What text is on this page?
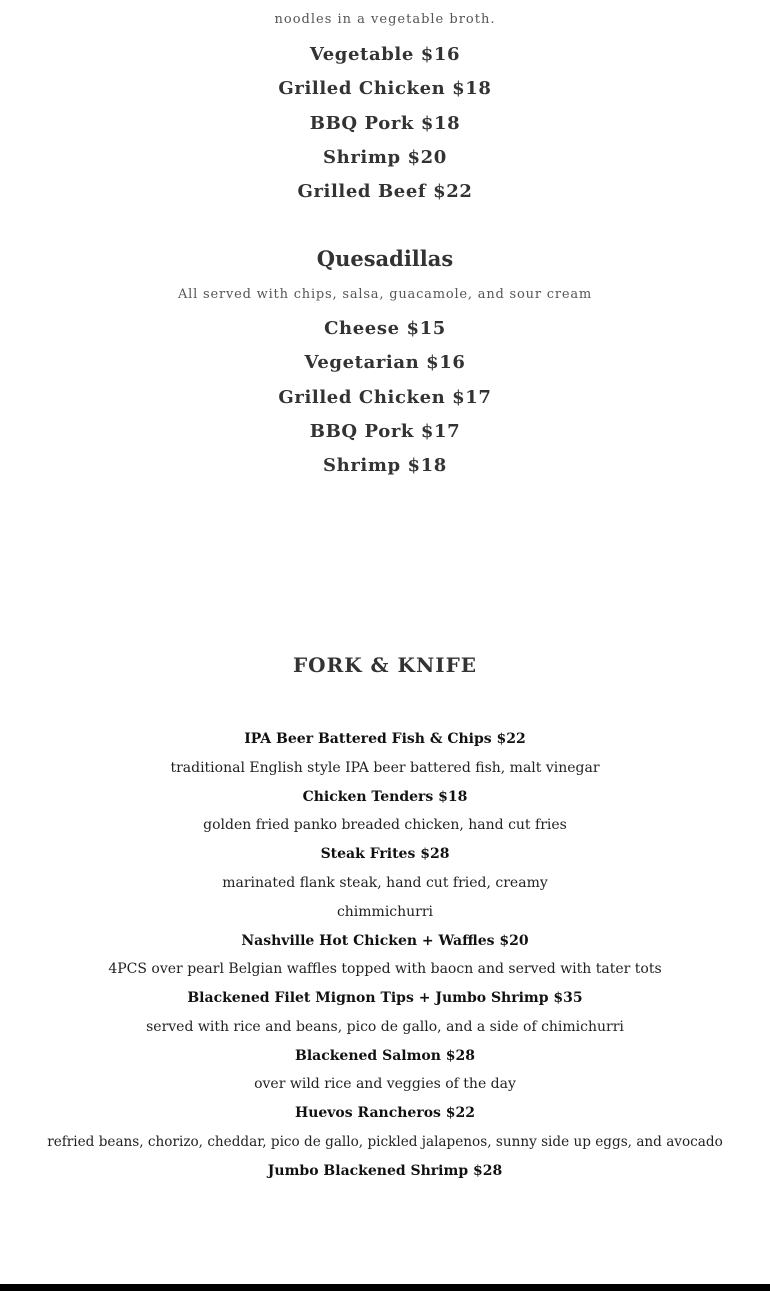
noodles in a vegetable broth.
Vegetable $16
Grilled Chicken $18
BBQ Pork $18
Shrimp $20
Grilled Beef $22
Quesadillas
All served with chips, salsa, guacamole, and sour cream
Cheese $15
Vegetarian $16
Grilled Chicken $17
BBQ Pork $17
Shrimp $18
FORK & KNIFE
IPA Beer Battered Fish & Chips $22
traditional English style IPA beer battered fish, malt vinegar
Chicken Tenders $18
golden fried panko breaded chicken, hand cut fries
Steak Frites $28
marinated flank steak, hand cut fried, creamy
chimmichurri
Nashville Hot Chicken + Waffles $20
4PCS over pearl Belgian waffles topped with baocn and served with tater tots
Blackened Filet Mignon Tips + Jumbo Shrimp $35
served with rice and beans, pico de gallo, and a side of chimichurri
Blackened Salmon $28
over wild rice and veggies of the day
Huevos Rancheros $22
refried beans, chorizo, cheddar, pico de gallo, pickled jalapenos, sunny side up eggs, and avocado
Jumbo Blackened Shrimp $28
